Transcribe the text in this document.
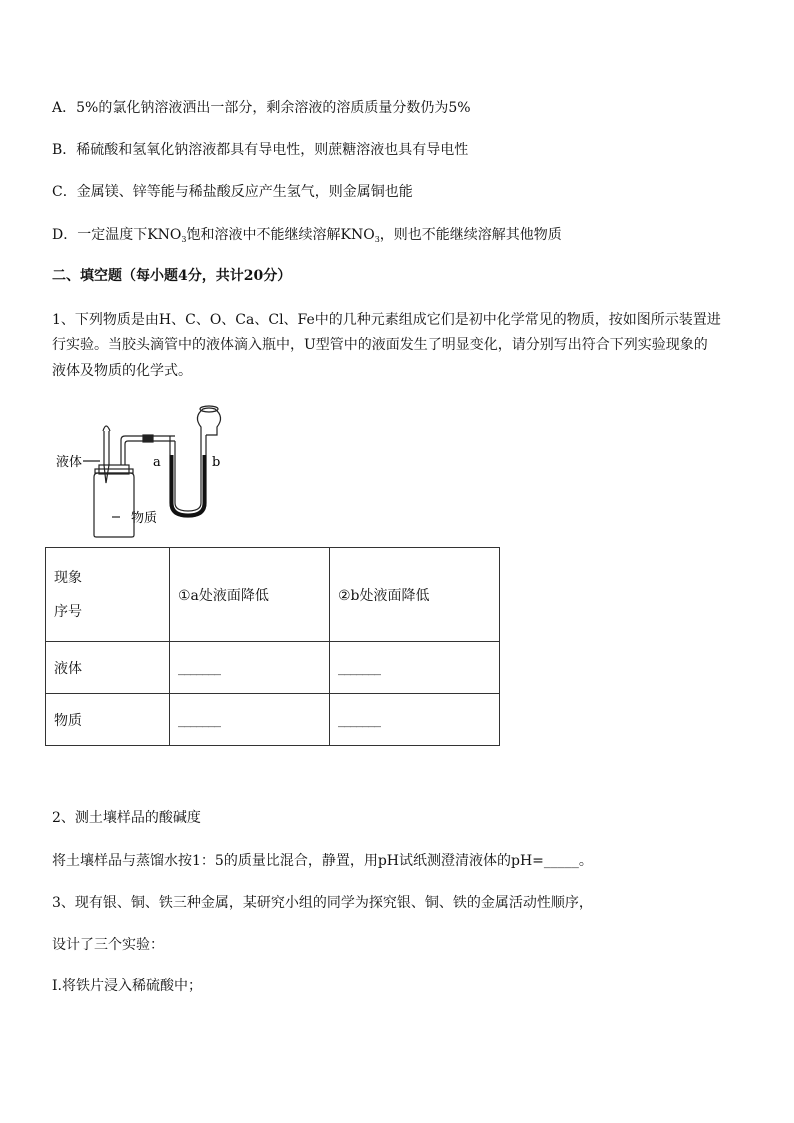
A．5%的氯化钠溶液洒出一部分，剩余溶液的溶质质量分数仍为5%
B．稀硫酸和氢氧化钠溶液都具有导电性，则蔗糖溶液也具有导电性
C．金属镁、锌等能与稀盐酸反应产生氢气，则金属铜也能
D．一定温度下$KNO_3$饱和溶液中不能继续溶解$KNO_3$，则也不能继续溶解其他物质
二、填空题（每小题4分，共计20分）
1、下列物质是由H、C、O、Ca、Cl、Fe中的几种元素组成它们是初中化学常见的物质，按如图所示装置进
行实验。当胶头滴管中的液体滴入瓶中，U型管中的液面发生了明显变化，请分别写出符合下列实验现象的
液体及物质的化学式。
液体
物质
a	b
现象
序号	①a处液面降低	②b处液面降低
液体	_______	_______
物质	_______	_______
2、测土壤样品的酸碱度
将土壤样品与蒸馏水按1：5的质量比混合，静置，用pH试纸测澄清液体的pH=_____。
3、现有银、铜、铁三种金属，某研究小组的同学为探究银、铜、铁的金属活动性顺序，
设计了三个实验：
I.将铁片浸入稀硫酸中；
